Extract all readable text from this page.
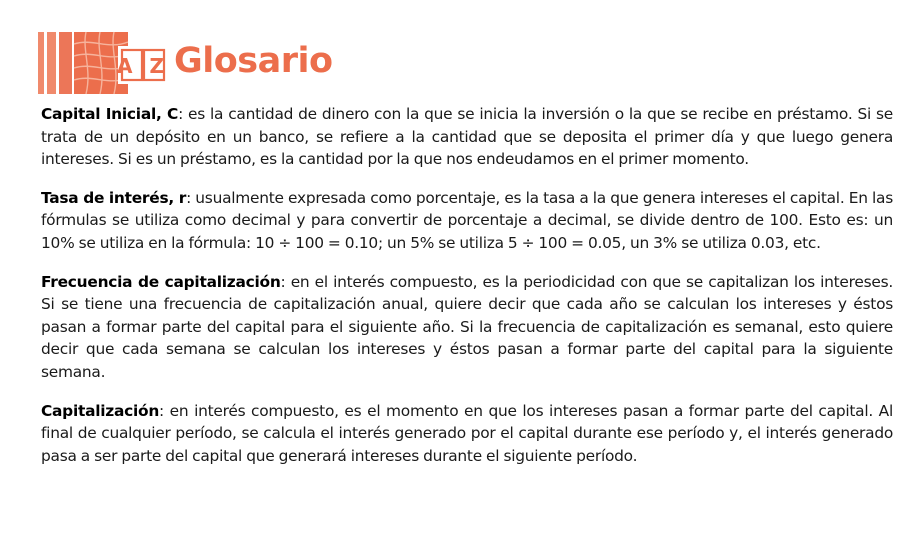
A Z Glosario

Capital Inicial, C: es la cantidad de dinero con la que se inicia la inversión o la que se recibe en préstamo. Si se trata de un depósito en un banco, se refiere a la cantidad que se deposita el primer día y que luego genera intereses. Si es un préstamo, es la cantidad por la que nos endeudamos en el primer momento.

Tasa de interés, r: usualmente expresada como porcentaje, es la tasa a la que genera intereses el capital. En las fórmulas se utiliza como decimal y para convertir de porcentaje a decimal, se divide dentro de 100. Esto es: un 10% se utiliza en la fórmula: 10 ÷ 100 = 0.10; un 5% se utiliza 5 ÷ 100 = 0.05, un 3% se utiliza 0.03, etc.

Frecuencia de capitalización: en el interés compuesto, es la periodicidad con que se capitalizan los intereses. Si se tiene una frecuencia de capitalización anual, quiere decir que cada año se calculan los intereses y éstos pasan a formar parte del capital para el siguiente año. Si la frecuencia de capitalización es semanal, esto quiere decir que cada semana se calculan los intereses y éstos pasan a formar parte del capital para la siguiente semana.

Capitalización: en interés compuesto, es el momento en que los intereses pasan a formar parte del capital. Al final de cualquier período, se calcula el interés generado por el capital durante ese período y, el interés generado pasa a ser parte del capital que generará intereses durante el siguiente período.
